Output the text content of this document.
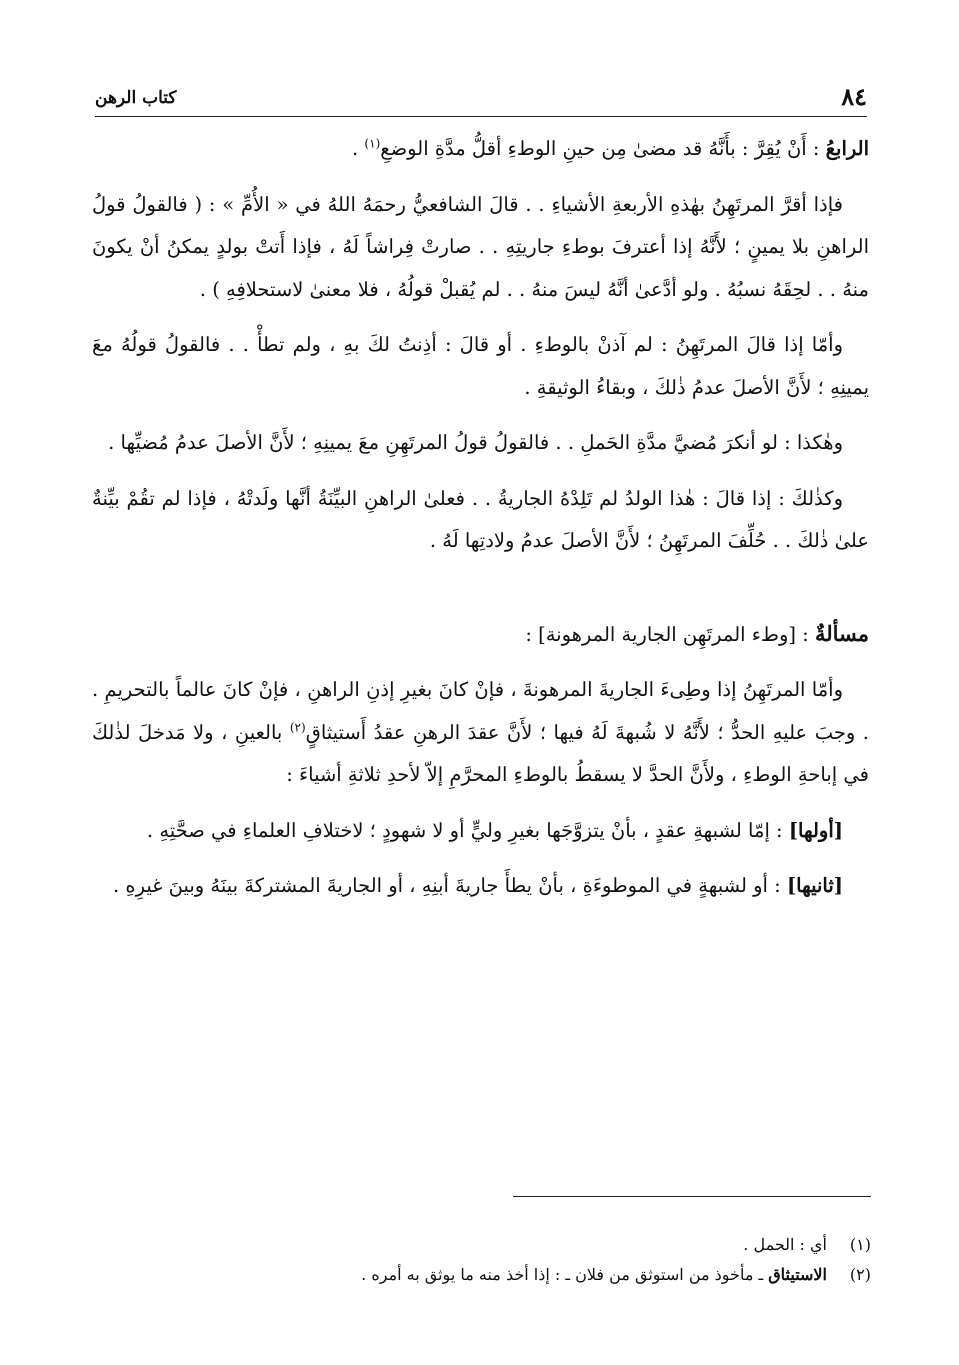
٨٤
كتاب الرهن

الرابعُ : أَنْ يُقِرَّ : بأَنَّهُ قد مضىٰ مِن حينِ الوطءِ أقلُّ مدَّةِ الوضعِ$^{(١)}$ .

فإذا أقرَّ المرتَهِنُ بهٰذهِ الأربعةِ الأشياءِ . . قالَ الشافعيُّ رحمَهُ اللهُ في « الأُمِّ » : ( فالقولُ قولُ الراهنِ بلا يمينٍ ؛ لأَنَّهُ إذا أعترفَ بوطءِ جاريتِهِ . . صارتْ فِراشاً لَهُ ، فإذا أَتتْ بولدٍ يمكنُ أنْ يكونَ منهُ . . لحِقَهُ نسبُهُ . ولو أدَّعىٰ أنَّهُ ليسَ منهُ . . لم يُقبلْ قولُهُ ، فلا معنىٰ لاستحلافِهِ ) .

وأمّا إذا قالَ المرتَهِنُ : لم آذنْ بالوطءِ . أو قالَ : أذِنتُ لكَ بهِ ، ولم تطأْ . . فالقولُ قولُهُ معَ يمينِهِ ؛ لأَنَّ الأصلَ عدمُ ذٰلكَ ، وبقاءُ الوثيقةِ .

وهٰكذا : لو أنكرَ مُضيَّ مدَّةِ الحَملِ . . فالقولُ قولُ المرتَهِنِ معَ يمينِهِ ؛ لأَنَّ الأصلَ عدمُ مُضيِّها .

وكذٰلكَ : إذا قالَ : هٰذا الولدُ لم تَلِدْهُ الجاريةُ . . فعلىٰ الراهنِ البيِّنَةُ أنَّها ولَدتْهُ ، فإذا لم تقُمْ بيِّنةٌ علىٰ ذٰلكَ . . حُلِّفَ المرتَهِنُ ؛ لأَنَّ الأصلَ عدمُ ولادتِها لَهُ .

مسألةٌ : [وطء المرتَهِن الجارية المرهونة] :

وأمّا المرتَهِنُ إذا وطِىءَ الجاريةَ المرهونةَ ، فإنْ كانَ بغيرِ إذنِ الراهنِ ، فإنْ كانَ عالماً بالتحريمِ . . وجبَ عليهِ الحدُّ ؛ لأَنَّهُ لا شُبهةَ لَهُ فيها ؛ لأَنَّ عقدَ الرهنِ عقدُ أَستيثاقٍ$^{(٢)}$ بالعينِ ، ولا مَدخلَ لذٰلكَ في إباحةِ الوطءِ ، ولأَنَّ الحدَّ لا يسقطُ بالوطءِ المحرَّمِ إلاّ لأحدِ ثلاثةِ أشياءَ :

[أولها] : إمّا لشبهةِ عقدٍ ، بأنْ يتزوَّجَها بغيرِ وليٍّ أو لا شهودٍ ؛ لاختلافِ العلماءِ في صحَّتِهِ .

[ثانيها] : أو لشبهةٍ في الموطوءَةِ ، بأنْ يطأَ جاريةَ أبنِهِ ، أو الجاريةَ المشتركةَ بينَهُ وبينَ غيرِهِ .

(١)أي : الحمل .
(٢)الاستيثاق ـ مأخوذ من استوثق من فلان ـ : إذا أخذ منه ما يوثق به أمره .
